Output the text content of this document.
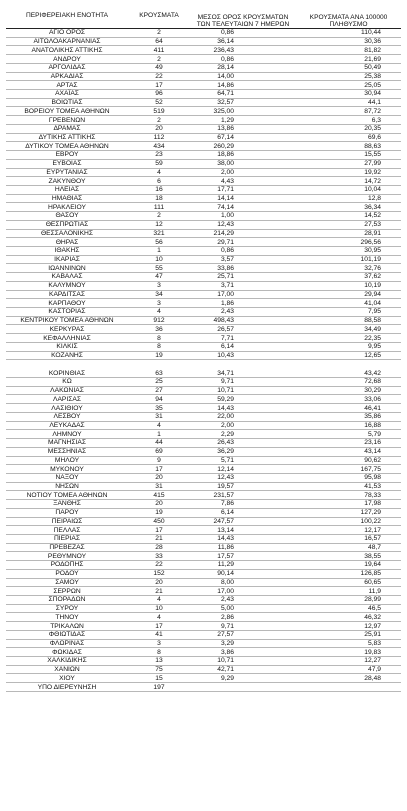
ΠΕΡΙΦΕΡΕΙΑΚΗ ΕΝΟΤΗΤΑ	ΚΡΟΥΣΜΑΤΑ	ΜΕΣΟΣ ΟΡΟΣ ΚΡΟΥΣΜΑΤΩΝ ΤΩΝ ΤΕΛΕΥΤΑΙΩΝ 7 ΗΜΕΡΩΝ
ΚΡΟΥΣΜΑΤΑ ΑΝΑ 100000 ΠΛΗΘΥΣΜΟ
ΑΓΙΟ ΟΡΟΣ	2	0,86	110,44
ΑΙΤΩΛΟΑΚΑΡΝΑΝΙΑΣ	64	36,14	30,36
ΑΝΑΤΟΛΙΚΗΣ ΑΤΤΙΚΗΣ	411	236,43	81,82
ΑΝΔΡΟΥ	2	0,86	21,69
ΑΡΓΟΛΙΔΑΣ	49	28,14	50,49
ΑΡΚΑΔΙΑΣ	22	14,00	25,38
ΑΡΤΑΣ	17	14,86	25,05
ΑΧΑΪΑΣ	96	64,71	30,94
ΒΟΙΩΤΙΑΣ	52	32,57	44,1
ΒΟΡΕΙΟΥ ΤΟΜΕΑ ΑΘΗΝΩΝ	519	325,00	87,72
ΓΡΕΒΕΝΩΝ	2	1,29	6,3
ΔΡΑΜΑΣ	20	13,86	20,35
ΔΥΤΙΚΗΣ ΑΤΤΙΚΗΣ	112	67,14	69,6
ΔΥΤΙΚΟΥ ΤΟΜΕΑ ΑΘΗΝΩΝ	434	260,29	88,63
ΕΒΡΟΥ	23	18,86	15,55
ΕΥΒΟΙΑΣ	59	38,00	27,99
ΕΥΡΥΤΑΝΙΑΣ	4	2,00	19,92
ΖΑΚΥΝΘΟΥ	6	4,43	14,72
ΗΛΕΙΑΣ	16	17,71	10,04
ΗΜΑΘΙΑΣ	18	14,14	12,8
ΗΡΑΚΛΕΙΟΥ	111	74,14	36,34
ΘΑΣΟΥ	2	1,00	14,52
ΘΕΣΠΡΩΤΙΑΣ	12	12,43	27,53
ΘΕΣΣΑΛΟΝΙΚΗΣ	321	214,29	28,91
ΘΗΡΑΣ	56	29,71	296,56
ΙΘΑΚΗΣ	1	0,86	30,95
ΙΚΑΡΙΑΣ	10	3,57	101,19
ΙΩΑΝΝΙΝΩΝ	55	33,86	32,76
ΚΑΒΑΛΑΣ	47	25,71	37,62
ΚΑΛΥΜΝΟΥ	3	3,71	10,19
ΚΑΡΔΙΤΣΑΣ	34	17,00	29,94
ΚΑΡΠΑΘΟΥ	3	1,86	41,04
ΚΑΣΤΟΡΙΑΣ	4	2,43	7,95
ΚΕΝΤΡΙΚΟΥ ΤΟΜΕΑ ΑΘΗΝΩΝ	912	498,43	88,58
ΚΕΡΚΥΡΑΣ	36	26,57	34,49
ΚΕΦΑΛΛΗΝΙΑΣ	8	7,71	22,35
ΚΙΛΚΙΣ	8	6,14	9,95
ΚΟΖΑΝΗΣ	19	10,43	12,65
ΚΟΡΙΝΘΙΑΣ	63	34,71	43,42
ΚΩ	25	9,71	72,68
ΛΑΚΩΝΙΑΣ	27	10,71	30,29
ΛΑΡΙΣΑΣ	94	59,29	33,06
ΛΑΣΙΘΙΟΥ	35	14,43	46,41
ΛΕΣΒΟΥ	31	22,00	35,86
ΛΕΥΚΑΔΑΣ	4	2,00	16,88
ΛΗΜΝΟΥ	1	2,29	5,79
ΜΑΓΝΗΣΙΑΣ	44	26,43	23,16
ΜΕΣΣΗΝΙΑΣ	69	36,29	43,14
ΜΗΛΟΥ	9	5,71	90,62
ΜΥΚΟΝΟΥ	17	12,14	167,75
ΝΑΞΟΥ	20	12,43	95,98
ΝΗΣΩΝ	31	19,57	41,53
ΝΟΤΙΟΥ ΤΟΜΕΑ ΑΘΗΝΩΝ	415	231,57	78,33
ΞΑΝΘΗΣ	20	7,86	17,98
ΠΑΡΟΥ	19	6,14	127,29
ΠΕΙΡΑΙΩΣ	450	247,57	100,22
ΠΕΛΛΑΣ	17	13,14	12,17
ΠΙΕΡΙΑΣ	21	14,43	16,57
ΠΡΕΒΕΖΑΣ	28	11,86	48,7
ΡΕΘΥΜΝΟΥ	33	17,57	38,55
ΡΟΔΟΠΗΣ	22	11,29	19,64
ΡΟΔΟΥ	152	90,14	126,85
ΣΑΜΟΥ	20	8,00	60,65
ΣΕΡΡΩΝ	21	17,00	11,9
ΣΠΟΡΑΔΩΝ	4	2,43	28,99
ΣΥΡΟΥ	10	5,00	46,5
ΤΗΝΟΥ	4	2,86	46,32
ΤΡΙΚΑΛΩΝ	17	9,71	12,97
ΦΘΙΩΤΙΔΑΣ	41	27,57	25,91
ΦΛΩΡΙΝΑΣ	3	3,29	5,83
ΦΩΚΙΔΑΣ	8	3,86	19,83
ΧΑΛΚΙΔΙΚΗΣ	13	10,71	12,27
ΧΑΝΙΩΝ	75	42,71	47,9
ΧΙΟΥ	15	9,29	28,48
ΥΠΟ ΔΙΕΡΕΥΝΗΣΗ	197
